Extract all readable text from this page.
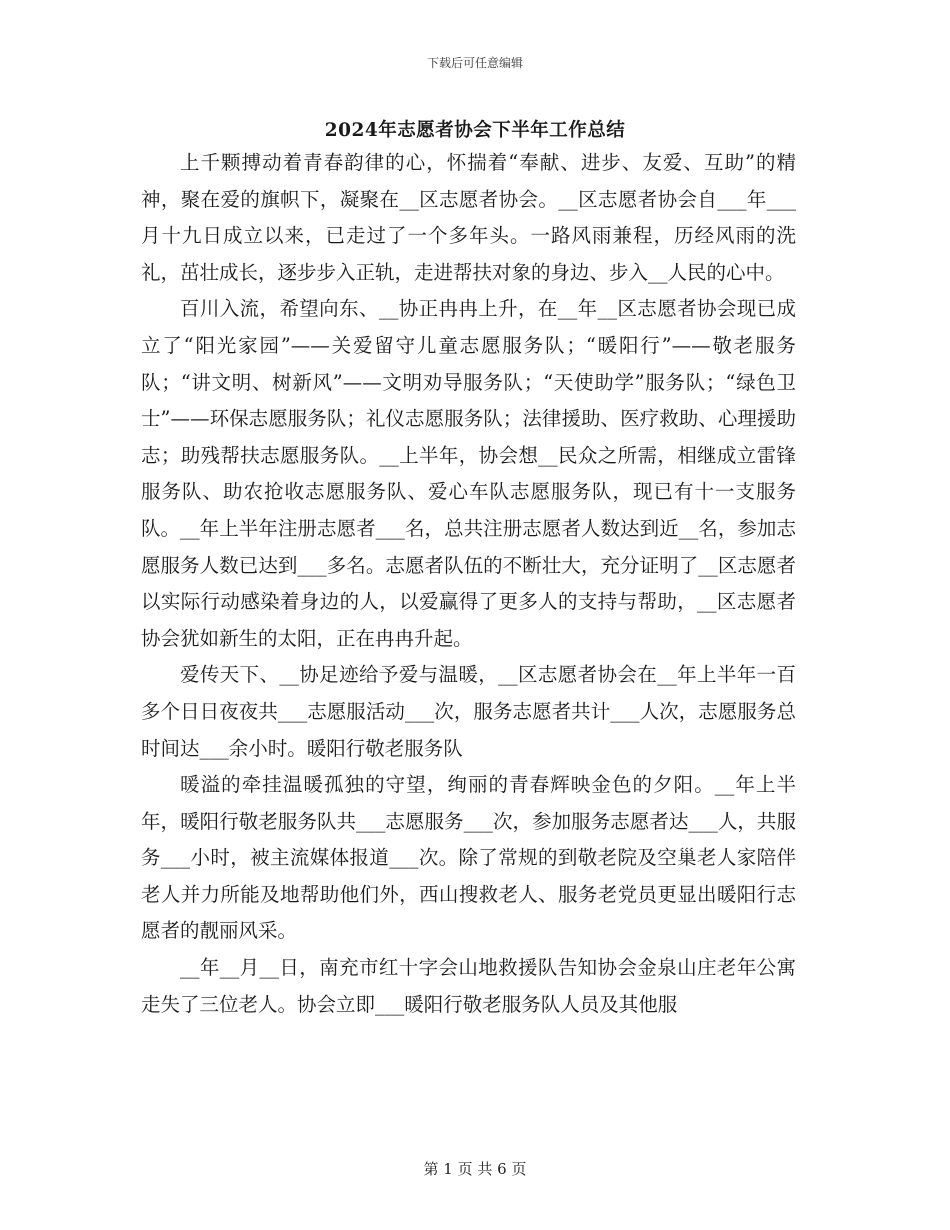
下载后可任意编辑
2024年志愿者协会下半年工作总结

上千颗搏动着青春韵律的心，怀揣着“奉献、进步、友爱、互助”的精神，聚在爱的旗帜下，凝聚在__区志愿者协会。__区志愿者协会自___年___月十九日成立以来，已走过了一个多年头。一路风雨兼程，历经风雨的洗礼，茁壮成长，逐步步入正轨，走进帮扶对象的身边、步入__人民的心中。

百川入流，希望向东、__协正冉冉上升，在__年__区志愿者协会现已成立了“阳光家园”——关爱留守儿童志愿服务队；“暖阳行”——敬老服务队；“讲文明、树新风”——文明劝导服务队；“天使助学”服务队；“绿色卫士”——环保志愿服务队；礼仪志愿服务队；法律援助、医疗救助、心理援助志；助残帮扶志愿服务队。__上半年，协会想__民众之所需，相继成立雷锋服务队、助农抢收志愿服务队、爱心车队志愿服务队，现已有十一支服务队。__年上半年注册志愿者___名，总共注册志愿者人数达到近__名，参加志愿服务人数已达到___多名。志愿者队伍的不断壮大，充分证明了__区志愿者以实际行动感染着身边的人，以爱赢得了更多人的支持与帮助，__区志愿者协会犹如新生的太阳，正在冉冉升起。

爱传天下、__协足迹给予爱与温暖，__区志愿者协会在__年上半年一百多个日日夜夜共___志愿服活动___次，服务志愿者共计___人次，志愿服务总时间达___余小时。暖阳行敬老服务队

暖溢的牵挂温暖孤独的守望，绚丽的青春辉映金色的夕阳。__年上半年，暖阳行敬老服务队共___志愿服务___次，参加服务志愿者达___人，共服务___小时，被主流媒体报道___次。除了常规的到敬老院及空巢老人家陪伴老人并力所能及地帮助他们外，西山搜救老人、服务老党员更显出暖阳行志愿者的靓丽风采。

__年__月__日，南充市红十字会山地救援队告知协会金泉山庄老年公寓走失了三位老人。协会立即___暖阳行敬老服务队人员及其他服

第 1 页 共 6 页
